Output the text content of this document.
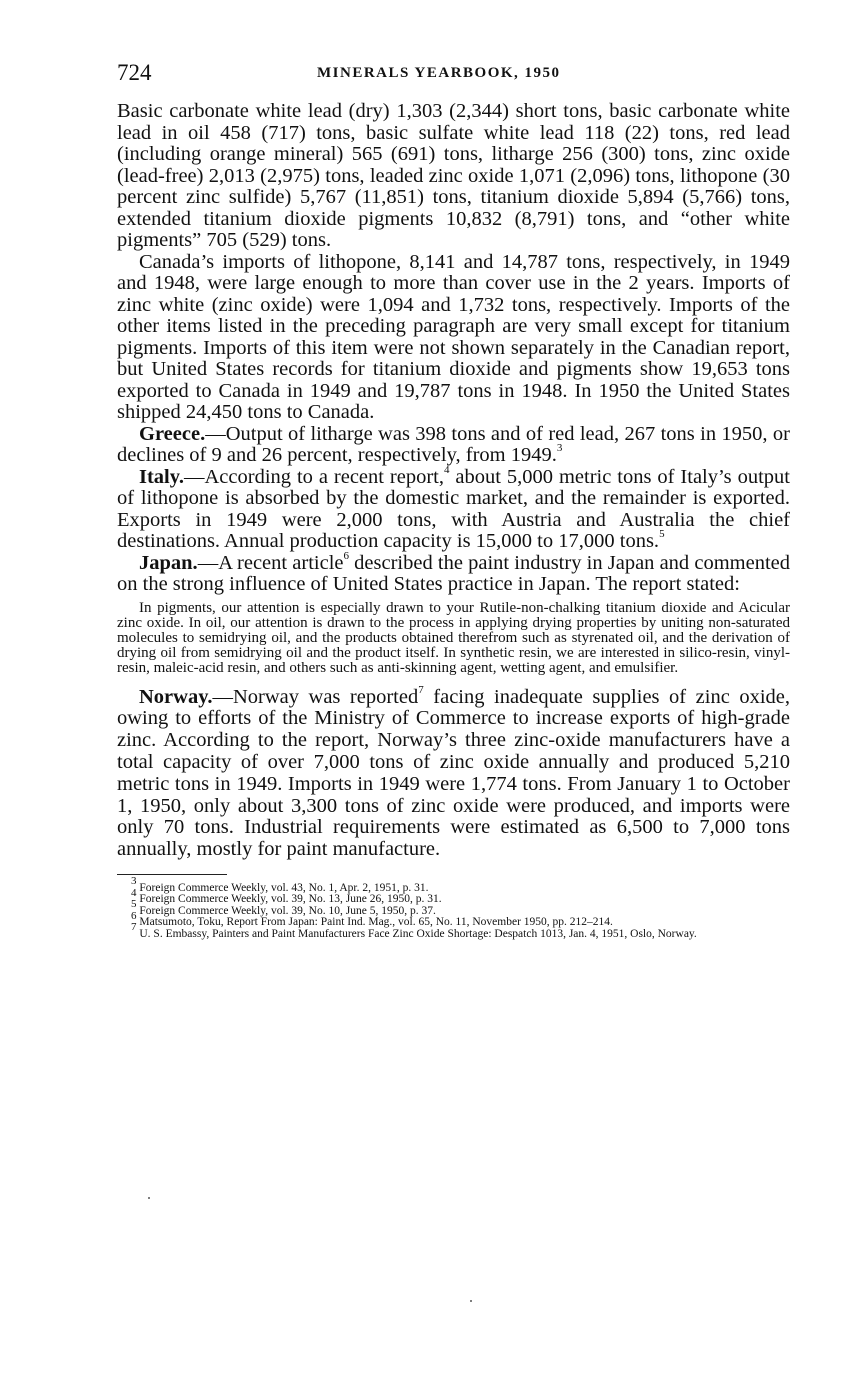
724	MINERALS YEARBOOK, 1950

Basic carbonate white lead (dry) 1,303 (2,344) short tons, basic carbonate white lead in oil 458 (717) tons, basic sulfate white lead 118 (22) tons, red lead (including orange mineral) 565 (691) tons, litharge 256 (300) tons, zinc oxide (lead-free) 2,013 (2,975) tons, leaded zinc oxide 1,071 (2,096) tons, lithopone (30 percent zinc sulfide) 5,767 (11,851) tons, titanium dioxide 5,894 (5,766) tons, extended titanium dioxide pigments 10,832 (8,791) tons, and “other white pigments” 705 (529) tons.

Canada’s imports of lithopone, 8,141 and 14,787 tons, respectively, in 1949 and 1948, were large enough to more than cover use in the 2 years. Imports of zinc white (zinc oxide) were 1,094 and 1,732 tons, respectively. Imports of the other items listed in the preceding paragraph are very small except for titanium pigments. Imports of this item were not shown separately in the Canadian report, but United States records for titanium dioxide and pigments show 19,653 tons exported to Canada in 1949 and 19,787 tons in 1948. In 1950 the United States shipped 24,450 tons to Canada.

Greece.—Output of litharge was 398 tons and of red lead, 267 tons in 1950, or declines of 9 and 26 percent, respectively, from 1949.$^3$

Italy.—According to a recent report,$^4$ about 5,000 metric tons of Italy’s output of lithopone is absorbed by the domestic market, and the remainder is exported. Exports in 1949 were 2,000 tons, with Austria and Australia the chief destinations. Annual production capacity is 15,000 to 17,000 tons.$^5$

Japan.—A recent article$^6$ described the paint industry in Japan and commented on the strong influence of United States practice in Japan. The report stated:

In pigments, our attention is especially drawn to your Rutile-non-chalking titanium dioxide and Acicular zinc oxide. In oil, our attention is drawn to the process in applying drying properties by uniting non-saturated molecules to semidrying oil, and the products obtained therefrom such as styrenated oil, and the derivation of drying oil from semidrying oil and the product itself. In synthetic resin, we are interested in silico-resin, vinyl-resin, maleic-acid resin, and others such as anti-skinning agent, wetting agent, and emulsifier.

Norway.—Norway was reported$^7$ facing inadequate supplies of zinc oxide, owing to efforts of the Ministry of Commerce to increase exports of high-grade zinc. According to the report, Norway’s three zinc-oxide manufacturers have a total capacity of over 7,000 tons of zinc oxide annually and produced 5,210 metric tons in 1949. Imports in 1949 were 1,774 tons. From January 1 to October 1, 1950, only about 3,300 tons of zinc oxide were produced, and imports were only 70 tons. Industrial requirements were estimated as 6,500 to 7,000 tons annually, mostly for paint manufacture.

$^3$ Foreign Commerce Weekly, vol. 43, No. 1, Apr. 2, 1951, p. 31.

$^4$ Foreign Commerce Weekly, vol. 39, No. 13, June 26, 1950, p. 31.

$^5$ Foreign Commerce Weekly, vol. 39, No. 10, June 5, 1950, p. 37.

$^6$ Matsumoto, Toku, Report From Japan: Paint Ind. Mag., vol. 65, No. 11, November 1950, pp. 212–214.

$^7$ U. S. Embassy, Painters and Paint Manufacturers Face Zinc Oxide Shortage: Despatch 1013, Jan. 4, 1951, Oslo, Norway.
